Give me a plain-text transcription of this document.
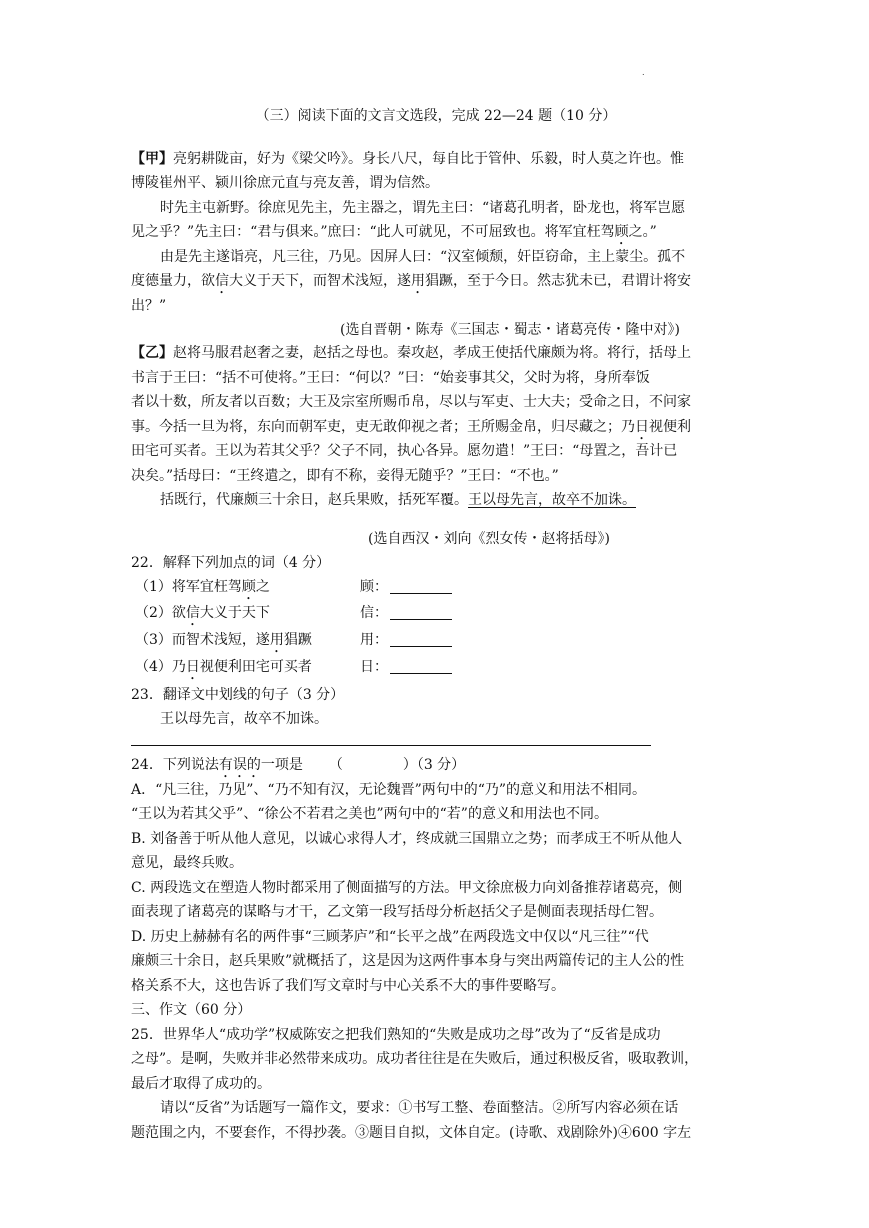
.
（三）阅读下面的文言文选段，完成 22—24 题（10 分）
【甲】亮躬耕陇亩，好为《梁父吟》。身长八尺，每自比于管仲、乐毅，时人莫之许也。惟
博陵崔州平、颍川徐庶元直与亮友善，谓为信然。
时先主屯新野。徐庶见先主，先主器之，谓先主曰：“诸葛孔明者，卧龙也，将军岂愿
见之乎？”先主曰：“君与俱来。”庶曰：“此人可就见，不可屈致也。将军宜枉驾顾之。”
由是先主遂诣亮，凡三往，乃见。因屏人曰：“汉室倾颓，奸臣窃命，主上蒙尘。孤不
度德量力，欲信大义于天下，而智术浅短，遂用猖蹶，至于今日。然志犹未已，君谓计将安
出？”
(选自晋朝・陈寿《三国志・蜀志・诸葛亮传・隆中对》)
【乙】赵将马服君赵奢之妻，赵括之母也。秦攻赵，孝成王使括代廉颇为将。将行，括母上
书言于王曰：“括不可使将。”王曰：“何以？”曰：“始妾事其父，父时为将，身所奉饭
者以十数，所友者以百数；大王及宗室所赐币帛，尽以与军吏、士大夫；受命之日，不问家
事。今括一旦为将，东向而朝军吏，吏无敢仰视之者；王所赐金帛，归尽藏之；乃日视便利
田宅可买者。王以为若其父乎？父子不同，执心各异。愿勿遣！”王曰：“母置之，吾计已
决矣。”括母曰：“王终遣之，即有不称，妾得无随乎？”王曰：“不也。”
括既行，代廉颇三十余日，赵兵果败，括死军覆。王以母先言，故卒不加诛。
(选自西汉・刘向《烈女传・赵将括母》)
22．解释下列加点的词（4 分）
（1）将军宜枉驾顾之	顾：
（2）欲信大义于天下	信：
（3）而智术浅短，遂用猖蹶	用：
（4）乃日视便利田宅可买者	日：
23．翻译文中划线的句子（3 分）
王以母先言，故卒不加诛。
24．下列说法有误的一项是 （	）（3 分）
A．“凡三往，乃见”、“乃不知有汉，无论魏晋”两句中的“乃”的意义和用法不相同。
“王以为若其父乎”、“徐公不若君之美也”两句中的“若”的意义和用法也不同。
B. 刘备善于听从他人意见，以诚心求得人才，终成就三国鼎立之势；而孝成王不听从他人
意见，最终兵败。
C. 两段选文在塑造人物时都采用了侧面描写的方法。甲文徐庶极力向刘备推荐诸葛亮，侧
面表现了诸葛亮的谋略与才干，乙文第一段写括母分析赵括父子是侧面表现括母仁智。
D. 历史上赫赫有名的两件事“三顾茅庐”和“长平之战”在两段选文中仅以“凡三往”“代
廉颇三十余日，赵兵果败”就概括了，这是因为这两件事本身与突出两篇传记的主人公的性
格关系不大，这也告诉了我们写文章时与中心关系不大的事件要略写。
三、作文（60 分）
25．世界华人“成功学”权威陈安之把我们熟知的“失败是成功之母”改为了“反省是成功
之母”。是啊，失败并非必然带来成功。成功者往往是在失败后，通过积极反省，吸取教训，
最后才取得了成功的。
请以“反省”为话题写一篇作文，要求：①书写工整、卷面整洁。②所写内容必须在话
题范围之内，不要套作，不得抄袭。③题目自拟，文体自定。(诗歌、戏剧除外)④600 字左
